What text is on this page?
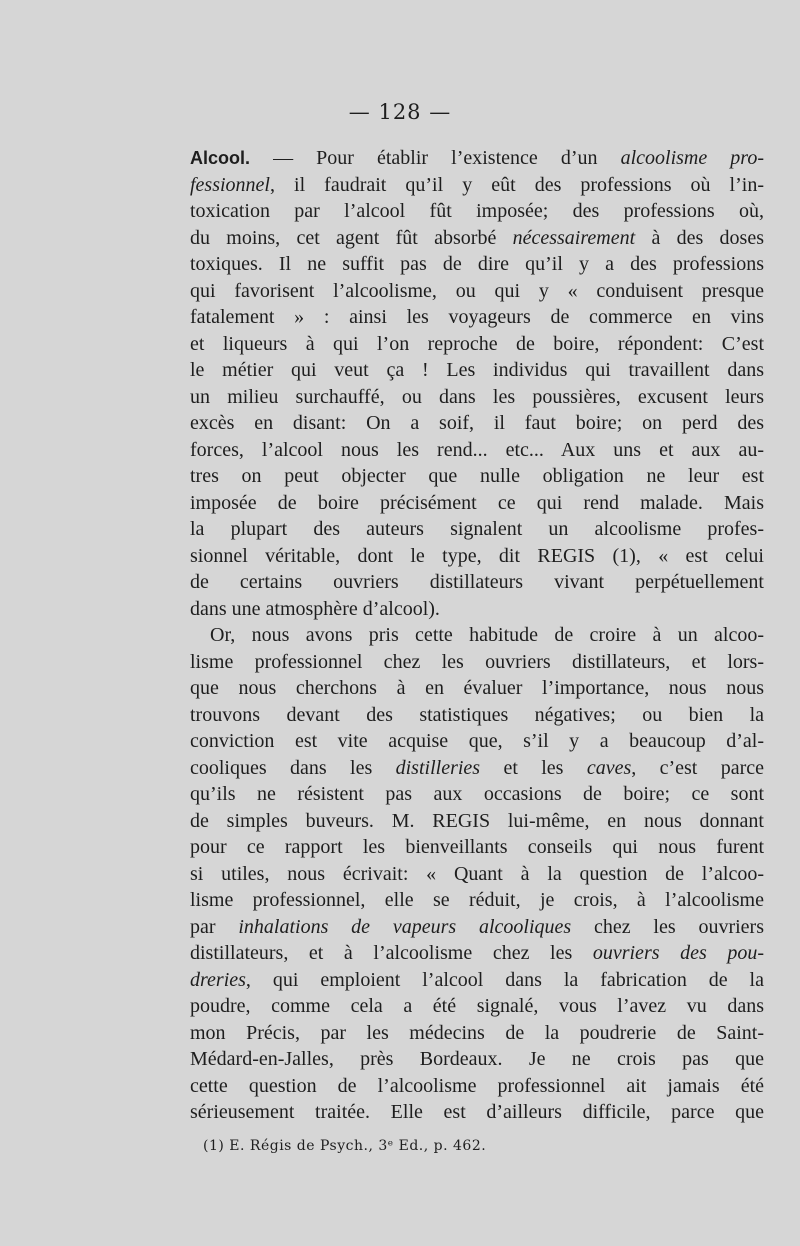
— 128 —
Alcool. — Pour établir l’existence d’un alcoolisme pro-
fessionnel, il faudrait qu’il y eût des professions où l’in-
toxication par l’alcool fût imposée; des professions où,
du moins, cet agent fût absorbé nécessairement à des doses
toxiques. Il ne suffit pas de dire qu’il y a des professions
qui favorisent l’alcoolisme, ou qui y « conduisent presque
fatalement » : ainsi les voyageurs de commerce en vins
et liqueurs à qui l’on reproche de boire, répondent: C’est
le métier qui veut ça ! Les individus qui travaillent dans
un milieu surchauffé, ou dans les poussières, excusent leurs
excès en disant: On a soif, il faut boire; on perd des
forces, l’alcool nous les rend... etc... Aux uns et aux au-
tres on peut objecter que nulle obligation ne leur est
imposée de boire précisément ce qui rend malade. Mais
la plupart des auteurs signalent un alcoolisme profes-
sionnel véritable, dont le type, dit REGIS (1), « est celui
de certains ouvriers distillateurs vivant perpétuellement
dans une atmosphère d’alcool).
Or, nous avons pris cette habitude de croire à un alcoo-
lisme professionnel chez les ouvriers distillateurs, et lors-
que nous cherchons à en évaluer l’importance, nous nous
trouvons devant des statistiques négatives; ou bien la
conviction est vite acquise que, s’il y a beaucoup d’al-
cooliques dans les distilleries et les caves, c’est parce
qu’ils ne résistent pas aux occasions de boire; ce sont
de simples buveurs. M. REGIS lui-même, en nous donnant
pour ce rapport les bienveillants conseils qui nous furent
si utiles, nous écrivait: « Quant à la question de l’alcoo-
lisme professionnel, elle se réduit, je crois, à l’alcoolisme
par inhalations de vapeurs alcooliques chez les ouvriers
distillateurs, et à l’alcoolisme chez les ouvriers des pou-
dreries, qui emploient l’alcool dans la fabrication de la
poudre, comme cela a été signalé, vous l’avez vu dans
mon Précis, par les médecins de la poudrerie de Saint-
Médard-en-Jalles, près Bordeaux. Je ne crois pas que
cette question de l’alcoolisme professionnel ait jamais été
sérieusement traitée. Elle est d’ailleurs difficile, parce que
(1) E. Régis de Psych., 3ᵉ Ed., p. 462.
